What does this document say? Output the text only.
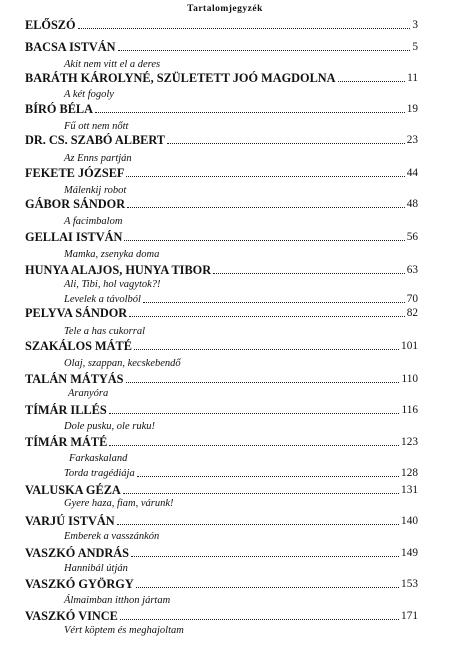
Tartalomjegyzék
ELŐSZÓ	3
BACSA ISTVÁN	5
Akit nem vitt el a deres
BARÁTH KÁROLYNÉ, SZÜLETETT JOÓ MAGDOLNA	11
A két fogoly
BÍRÓ BÉLA	19
Fű ott nem nőtt
DR. CS. SZABÓ ALBERT	23
Az Enns partján
FEKETE JÓZSEF	44
Málenkij robot
GÁBOR SÁNDOR	48
A facimbalom
GELLAI ISTVÁN	56
Mamka, zsenyka doma
HUNYA ALAJOS, HUNYA TIBOR	63
Ali, Tibi, hol vagytok?!
Levelek a távolból	70
PELYVA SÁNDOR	82
Tele a has cukorral
SZAKÁLOS MÁTÉ	101
Olaj, szappan, kecskebendő
TALÁN MÁTYÁS	110
Aranyóra
TÍMÁR ILLÉS	116
Dole pusku, ole ruku!
TÍMÁR MÁTÉ	123
Farkaskaland
Torda tragédiája	128
VALUSKA GÉZA	131
Gyere haza, fiam, várunk!
VARJÚ ISTVÁN	140
Emberek a vasszánkón
VASZKÓ ANDRÁS	149
Hannibál útján
VASZKÓ GYÖRGY	153
Álmaimban itthon jártam
VASZKÓ VINCE	171
Vért köptem és meghajoltam
